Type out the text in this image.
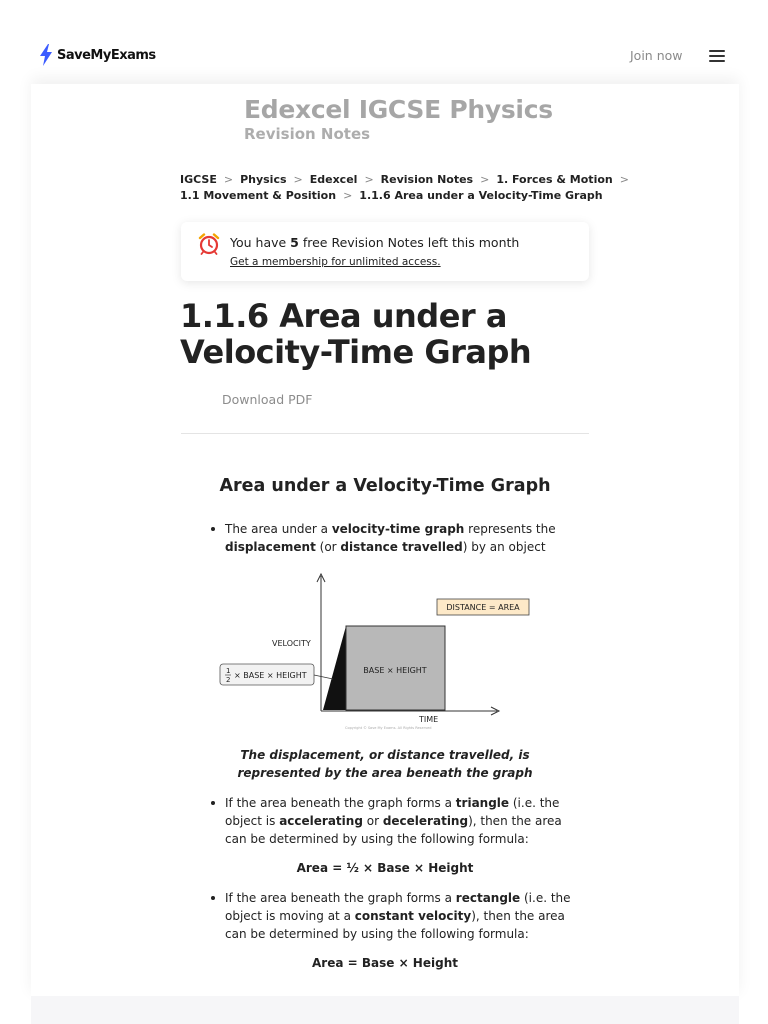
SaveMyExams	Join now
Edexcel IGCSE Physics
Revision Notes
IGCSE > Physics > Edexcel > Revision Notes > 1. Forces & Motion >
1.1 Movement & Position > 1.1.6 Area under a Velocity-Time Graph
You have 5 free Revision Notes left this month
Get a membership for unlimited access.
1.1.6 Area under a Velocity-Time Graph
Download PDF
Area under a Velocity-Time Graph
The area under a velocity-time graph represents the displacement (or distance travelled) by an object
BASE × HEIGHT
DISTANCE = AREA
VELOCITY
TIME
1
2 × BASE × HEIGHT
Copyright © Save My Exams. All Rights Reserved
The displacement, or distance travelled, is represented by the area beneath the graph
If the area beneath the graph forms a triangle (i.e. the object is accelerating or decelerating), then the area can be determined by using the following formula:
Area = ½ × Base × Height
If the area beneath the graph forms a rectangle (i.e. the object is moving at a constant velocity), then the area can be determined by using the following formula:
Area = Base × Height
